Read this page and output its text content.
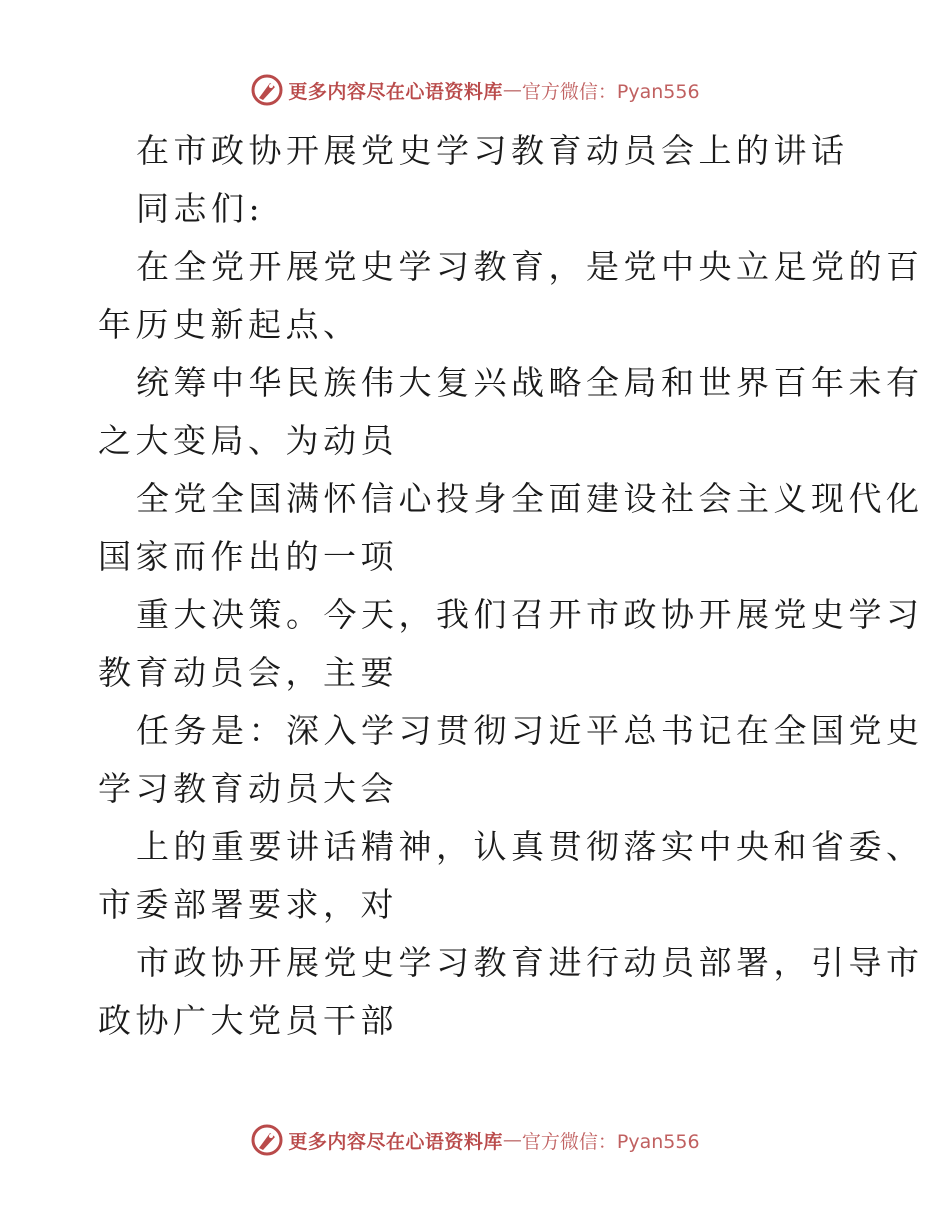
更多内容尽在心语资料库 — 官方微信：Pyan556
在市政协开展党史学习教育动员会上的讲话
同志们:
在全党开展党史学习教育，是党中央立足党的百
年历史新起点、
统筹中华民族伟大复兴战略全局和世界百年未有
之大变局、为动员
全党全国满怀信心投身全面建设社会主义现代化
国家而作出的一项
重大决策。今天，我们召开市政协开展党史学习
教育动员会，主要
任务是：深入学习贯彻习近平总书记在全国党史
学习教育动员大会
上的重要讲话精神，认真贯彻落实中央和省委、
市委部署要求，对
市政协开展党史学习教育进行动员部署，引导市
政协广大党员干部
更多内容尽在心语资料库 — 官方微信：Pyan556
